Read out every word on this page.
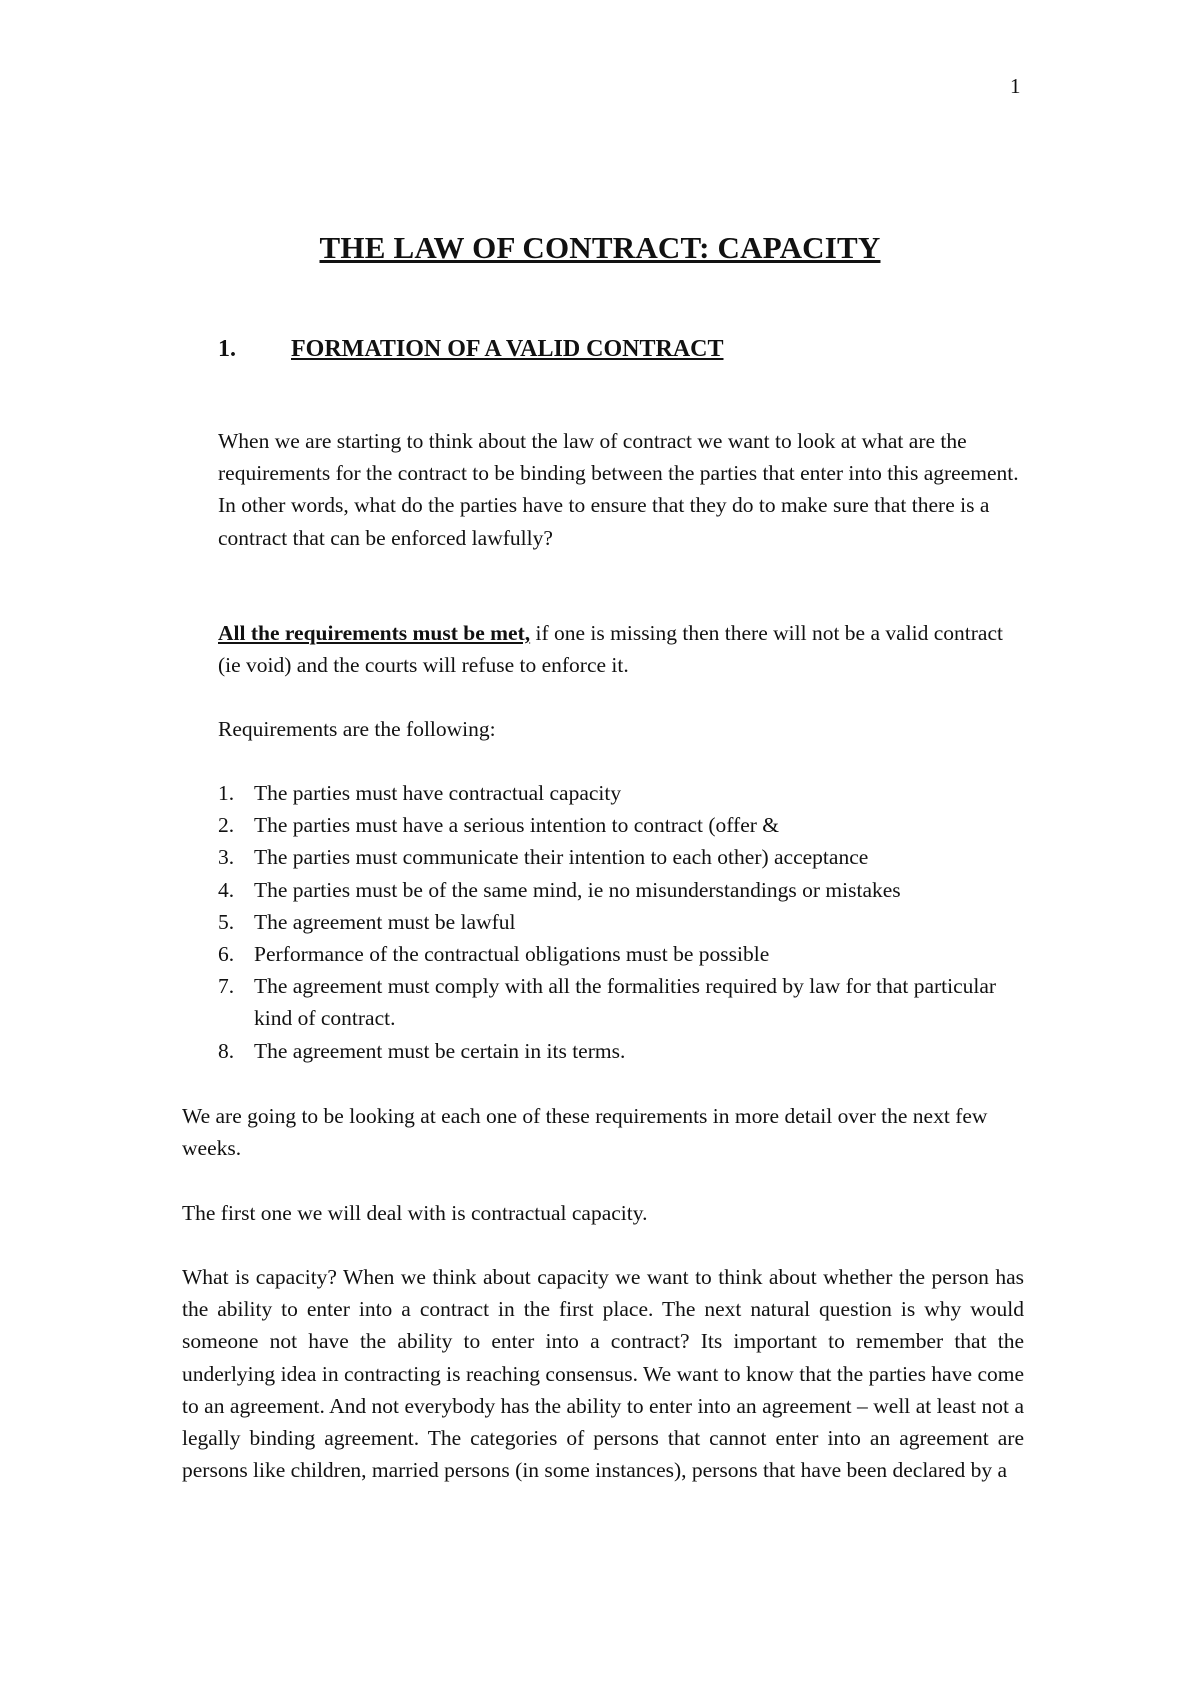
1
THE LAW OF CONTRACT: CAPACITY
1. FORMATION OF A VALID CONTRACT

When we are starting to think about the law of contract we want to look at what are the requirements for the contract to be binding between the parties that enter into this agreement. In other words, what do the parties have to ensure that they do to make sure that there is a contract that can be enforced lawfully?

All the requirements must be met, if one is missing then there will not be a valid contract (ie void) and the courts will refuse to enforce it.

Requirements are the following:

1. The parties must have contractual capacity
2. The parties must have a serious intention to contract (offer &
3. The parties must communicate their intention to each other) acceptance
4. The parties must be of the same mind, ie no misunderstandings or mistakes
5. The agreement must be lawful
6. Performance of the contractual obligations must be possible
7. The agreement must comply with all the formalities required by law for that particular kind of contract.
8. The agreement must be certain in its terms.

We are going to be looking at each one of these requirements in more detail over the next few weeks.

The first one we will deal with is contractual capacity.

What is capacity? When we think about capacity we want to think about whether the person has the ability to enter into a contract in the first place. The next natural question is why would someone not have the ability to enter into a contract? Its important to remember that the underlying idea in contracting is reaching consensus. We want to know that the parties have come to an agreement. And not everybody has the ability to enter into an agreement – well at least not a legally binding agreement. The categories of persons that cannot enter into an agreement are persons like children, married persons (in some instances), persons that have been declared by a
